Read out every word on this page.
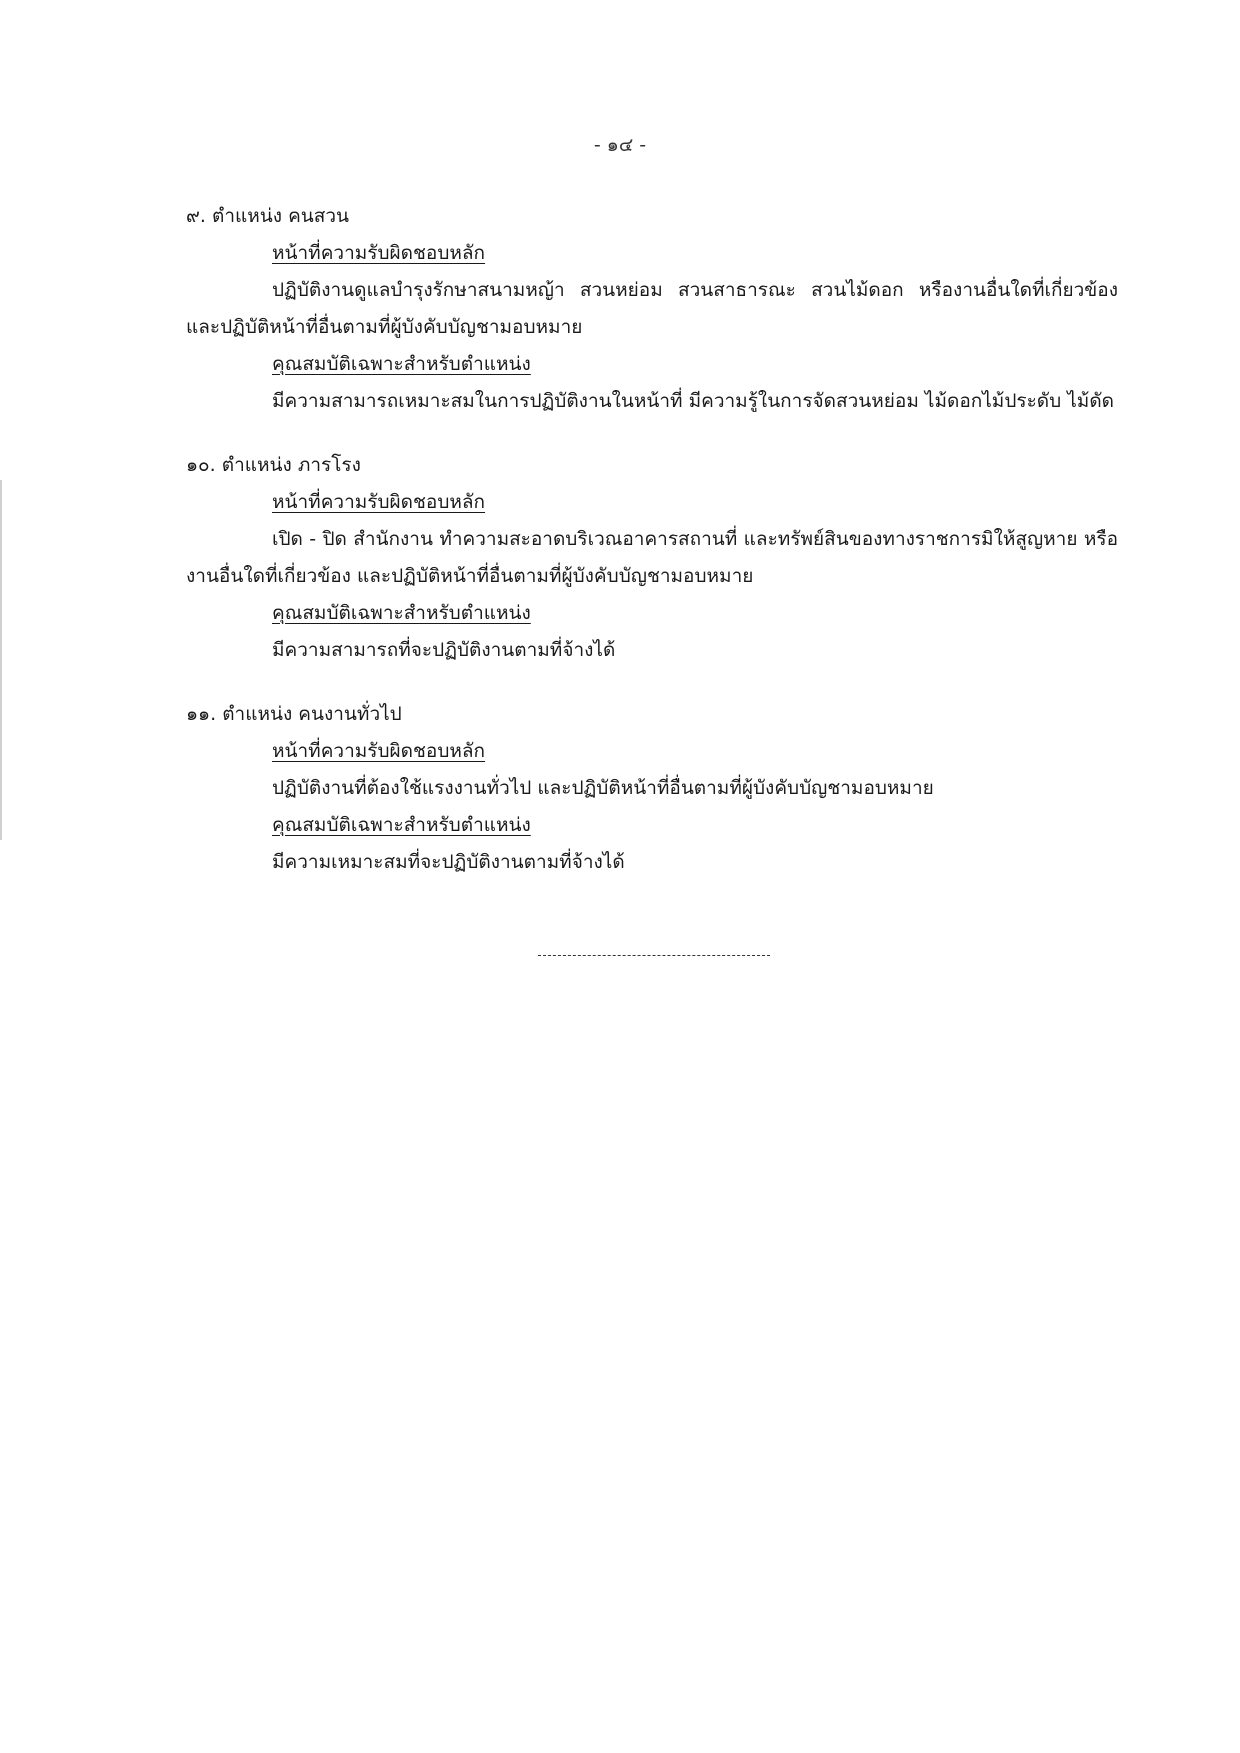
- ๑๔ -
๙. ตำแหน่ง คนสวน
หน้าที่ความรับผิดชอบหลัก

ปฏิบัติงานดูแลบำรุงรักษาสนามหญ้า สวนหย่อม สวนสาธารณะ สวนไม้ดอก หรืองานอื่นใดที่เกี่ยวข้อง และปฏิบัติหน้าที่อื่นตามที่ผู้บังคับบัญชามอบหมาย

คุณสมบัติเฉพาะสำหรับตำแหน่ง

มีความสามารถเหมาะสมในการปฏิบัติงานในหน้าที่ มีความรู้ในการจัดสวนหย่อม ไม้ดอกไม้ประดับ ไม้ดัด

๑๐. ตำแหน่ง ภารโรง
หน้าที่ความรับผิดชอบหลัก

เปิด - ปิด สำนักงาน ทำความสะอาดบริเวณอาคารสถานที่ และทรัพย์สินของทางราชการมิให้สูญหาย หรืองานอื่นใดที่เกี่ยวข้อง และปฏิบัติหน้าที่อื่นตามที่ผู้บังคับบัญชามอบหมาย

คุณสมบัติเฉพาะสำหรับตำแหน่ง

มีความสามารถที่จะปฏิบัติงานตามที่จ้างได้

๑๑. ตำแหน่ง คนงานทั่วไป
หน้าที่ความรับผิดชอบหลัก

ปฏิบัติงานที่ต้องใช้แรงงานทั่วไป และปฏิบัติหน้าที่อื่นตามที่ผู้บังคับบัญชามอบหมาย

คุณสมบัติเฉพาะสำหรับตำแหน่ง

มีความเหมาะสมที่จะปฏิบัติงานตามที่จ้างได้
